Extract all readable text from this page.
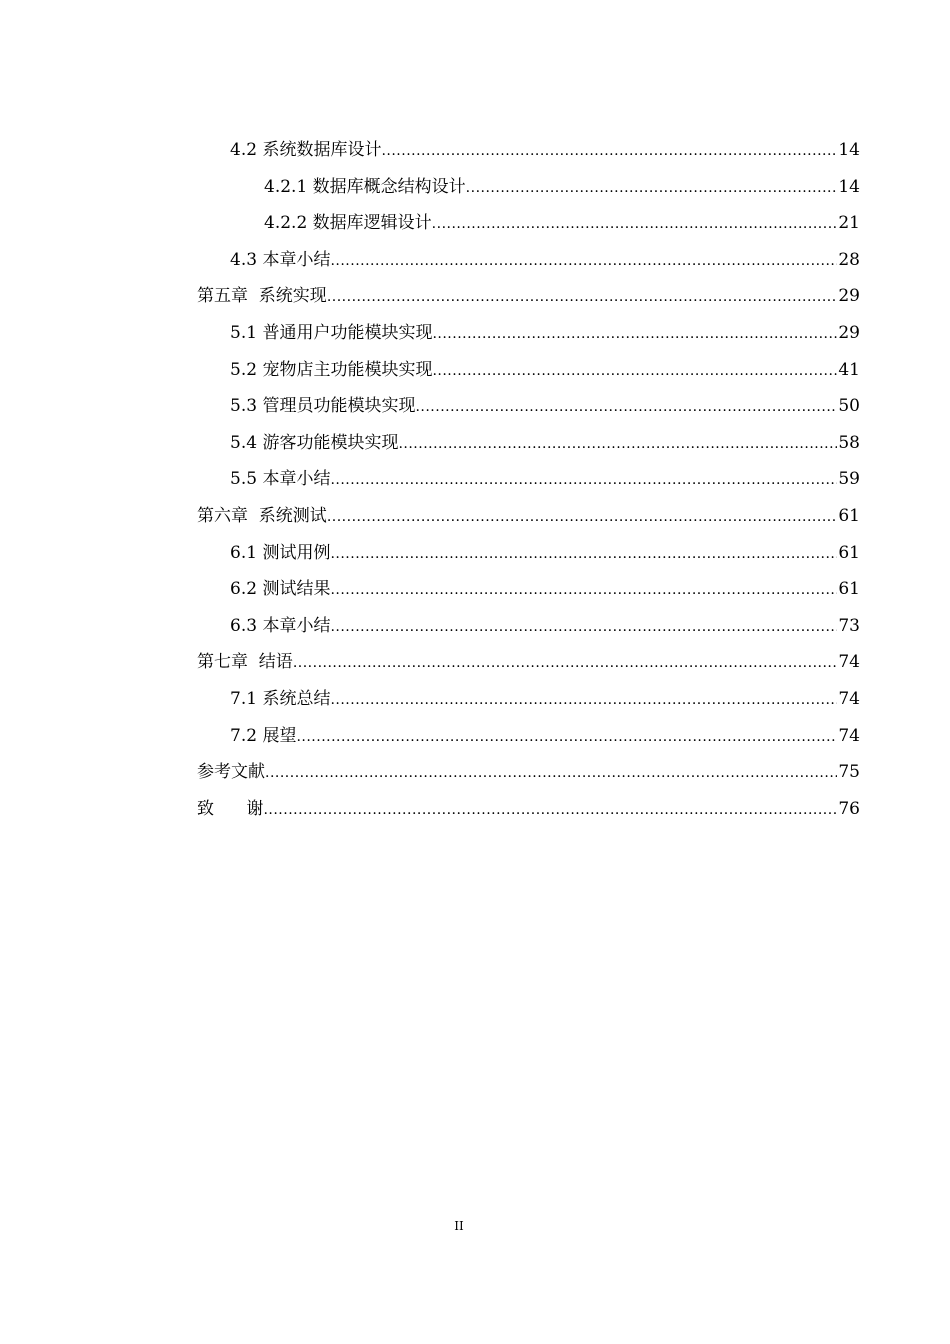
4.2 系统数据库设计 .....	14
4.2.1 数据库概念结构设计 .....	14
4.2.2 数据库逻辑设计 .....	21
4.3 本章小结 .....	28
第五章  系统实现 .....	29
5.1 普通用户功能模块实现 .....	29
5.2 宠物店主功能模块实现 .....	41
5.3 管理员功能模块实现 .....	50
5.4 游客功能模块实现 .....	58
5.5 本章小结 .....	59
第六章  系统测试 .....	61
6.1 测试用例 .....	61
6.2 测试结果 .....	61
6.3 本章小结 .....	73
第七章  结语 .....	74
7.1 系统总结 .....	74
7.2 展望 .....	74
参考文献 .....	75
致      谢 .....	76
II
